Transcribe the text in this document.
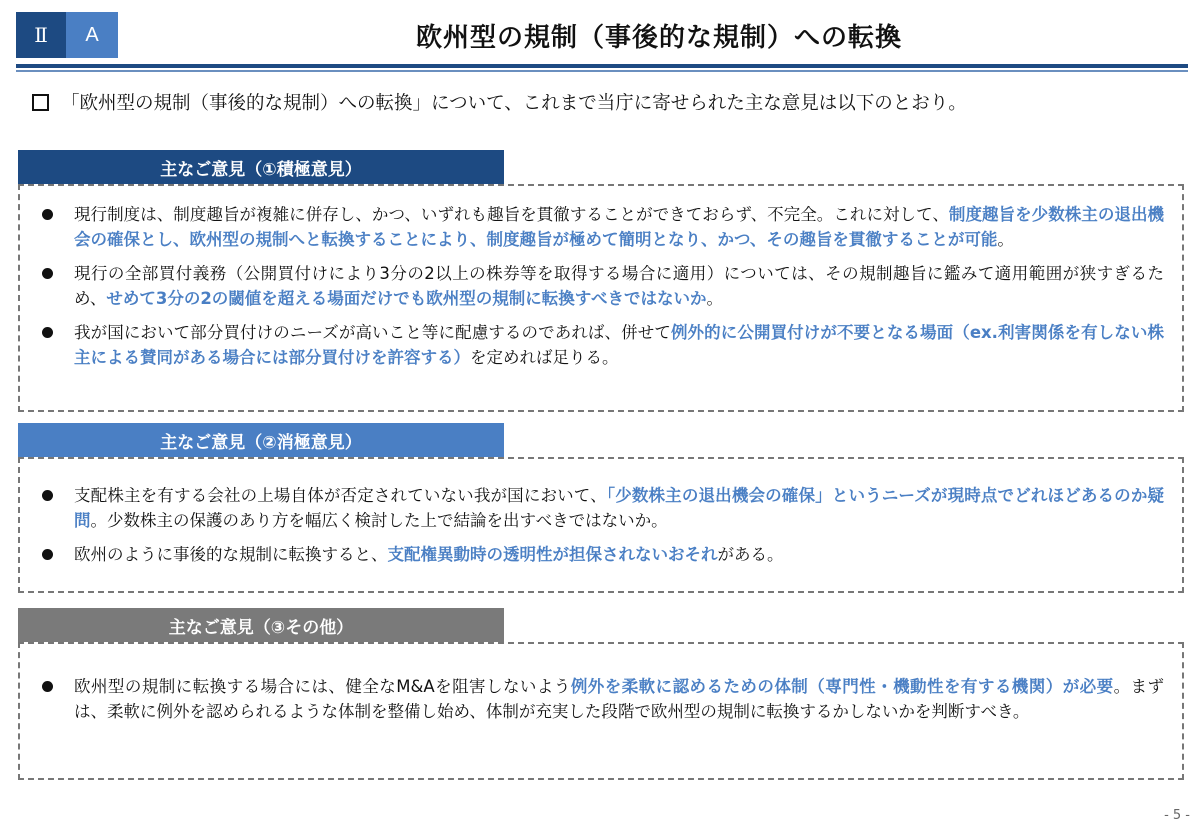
Ⅱ	A	欧州型の規制（事後的な規制）への転換
「欧州型の規制（事後的な規制）への転換」について、これまで当庁に寄せられた主な意見は以下のとおり。
主なご意見（①積極意見）
現行制度は、制度趣旨が複雑に併存し、かつ、いずれも趣旨を貫徹することができておらず、不完全。これに対して、制度趣旨を少数株主の退出機会の確保とし、欧州型の規制へと転換することにより、制度趣旨が極めて簡明となり、かつ、その趣旨を貫徹することが可能。
現行の全部買付義務（公開買付けにより3分の2以上の株券等を取得する場合に適用）については、その規制趣旨に鑑みて適用範囲が狭すぎるため、せめて3分の2の閾値を超える場面だけでも欧州型の規制に転換すべきではないか。
我が国において部分買付けのニーズが高いこと等に配慮するのであれば、併せて例外的に公開買付けが不要となる場面（ex.利害関係を有しない株主による賛同がある場合には部分買付けを許容する）を定めれば足りる。
主なご意見（②消極意見）
支配株主を有する会社の上場自体が否定されていない我が国において、「少数株主の退出機会の確保」というニーズが現時点でどれほどあるのか疑問。少数株主の保護のあり方を幅広く検討した上で結論を出すべきではないか。
欧州のように事後的な規制に転換すると、支配権異動時の透明性が担保されないおそれがある。
主なご意見（③その他）
欧州型の規制に転換する場合には、健全なM&Aを阻害しないよう例外を柔軟に認めるための体制（専門性・機動性を有する機関）が必要。まずは、柔軟に例外を認められるような体制を整備し始め、体制が充実した段階で欧州型の規制に転換するかしないかを判断すべき。
- 5 -
